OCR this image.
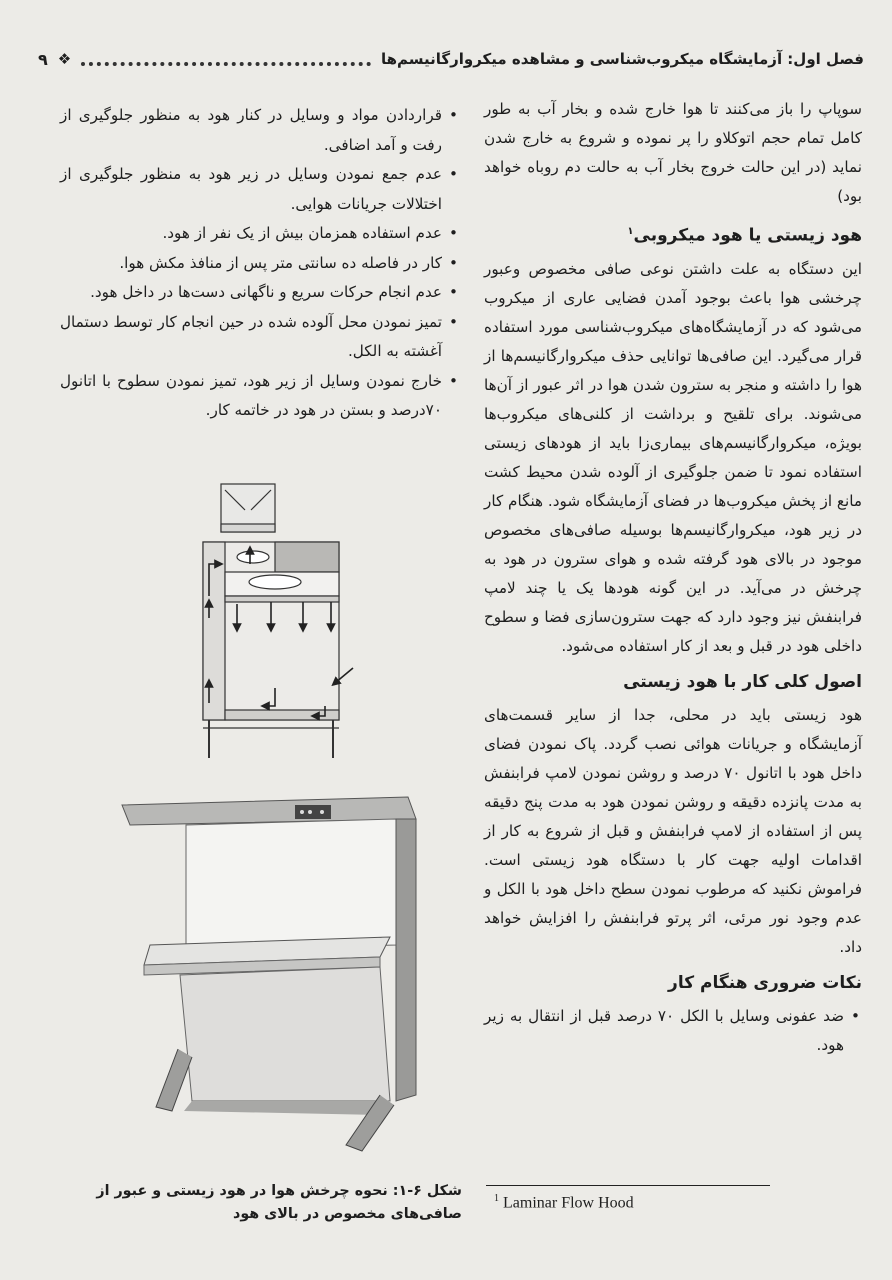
فصل اول: آزمایشگاه میکروب‌شناسی و مشاهده میکروارگانیسم‌ها
❖
۹

سوپاپ را باز می‌کنند تا هوا خارج شده و بخار آب به طور کامل تمام حجم اتوکلاو را پر نموده و شروع به خارج شدن نماید (در این حالت خروج بخار آب به حالت دم روباه خواهد بود)

هود زیستی یا هود میکروبی$^۱$

این دستگاه به علت داشتن نوعی صافی مخصوص وعبور چرخشی هوا باعث بوجود آمدن فضایی عاری از میکروب می‌شود که در آزمایشگاه‌های میکروب‌شناسی مورد استفاده قرار می‌گیرد. این صافی‌ها توانایی حذف میکروارگانیسم‌ها از هوا را داشته و منجر به سترون شدن هوا در اثر عبور از آن‌ها می‌شوند. برای تلقیح و برداشت از کلنی‌های میکروب‌ها بویژه، میکروارگانیسم‌های بیماری‌زا باید از هودهای زیستی استفاده نمود تا ضمن جلوگیری از آلوده شدن محیط کشت مانع از پخش میکروب‌ها در فضای آزمایشگاه شود. هنگام کار در زیر هود، میکروارگانیسم‌ها بوسیله صافی‌های مخصوص موجود در بالای هود گرفته شده و هوای سترون در هود به چرخش در می‌آید. در این گونه هودها یک یا چند لامپ فرابنفش نیز وجود دارد که جهت سترون‌سازی فضا و سطوح داخلی هود در قبل و بعد از کار استفاده می‌شود.

اصول کلی کار با هود زیستی

هود زیستی باید در محلی، جدا از سایر قسمت‌های آزمایشگاه و جریانات هوائی نصب گردد. پاک نمودن فضای داخل هود با اتانول ۷۰ درصد و روشن نمودن لامپ فرابنفش به مدت پانزده دقیقه و روشن نمودن هود به مدت پنج دقیقه پس از استفاده از لامپ فرابنفش و قبل از شروع به کار از اقدامات اولیه جهت کار با دستگاه هود زیستی است. فراموش نکنید که مرطوب نمودن سطح داخل هود با الکل و عدم وجود نور مرئی، اثر پرتو فرابنفش را افزایش خواهد داد.

نکات ضروری هنگام کار
• ضد عفونی وسایل با الکل ۷۰ درصد قبل از انتقال به زیر هود.
• قراردادن مواد و وسایل در کنار هود به منظور جلوگیری از رفت و آمد اضافی.
• عدم جمع نمودن وسایل در زیر هود به منظور جلوگیری از اختلالات جریانات هوایی.
• عدم استفاده همزمان بیش از یک نفر از هود.
• کار در فاصله ده سانتی متر پس از منافذ مکش هوا.
• عدم انجام حرکات سریع و ناگهانی دست‌ها در داخل هود.
• تمیز نمودن محل آلوده شده در حین انجام کار توسط دستمال آغشته به الکل.
• خارج نمودن وسایل از زیر هود، تمیز نمودن سطوح با اتانول ۷۰درصد و بستن در هود در خاتمه کار.
شکل ۶-۱: نحوه چرخش هوا در هود زیستی و عبور از صافی‌های مخصوص در بالای هود
$^1$ Laminar Flow Hood
